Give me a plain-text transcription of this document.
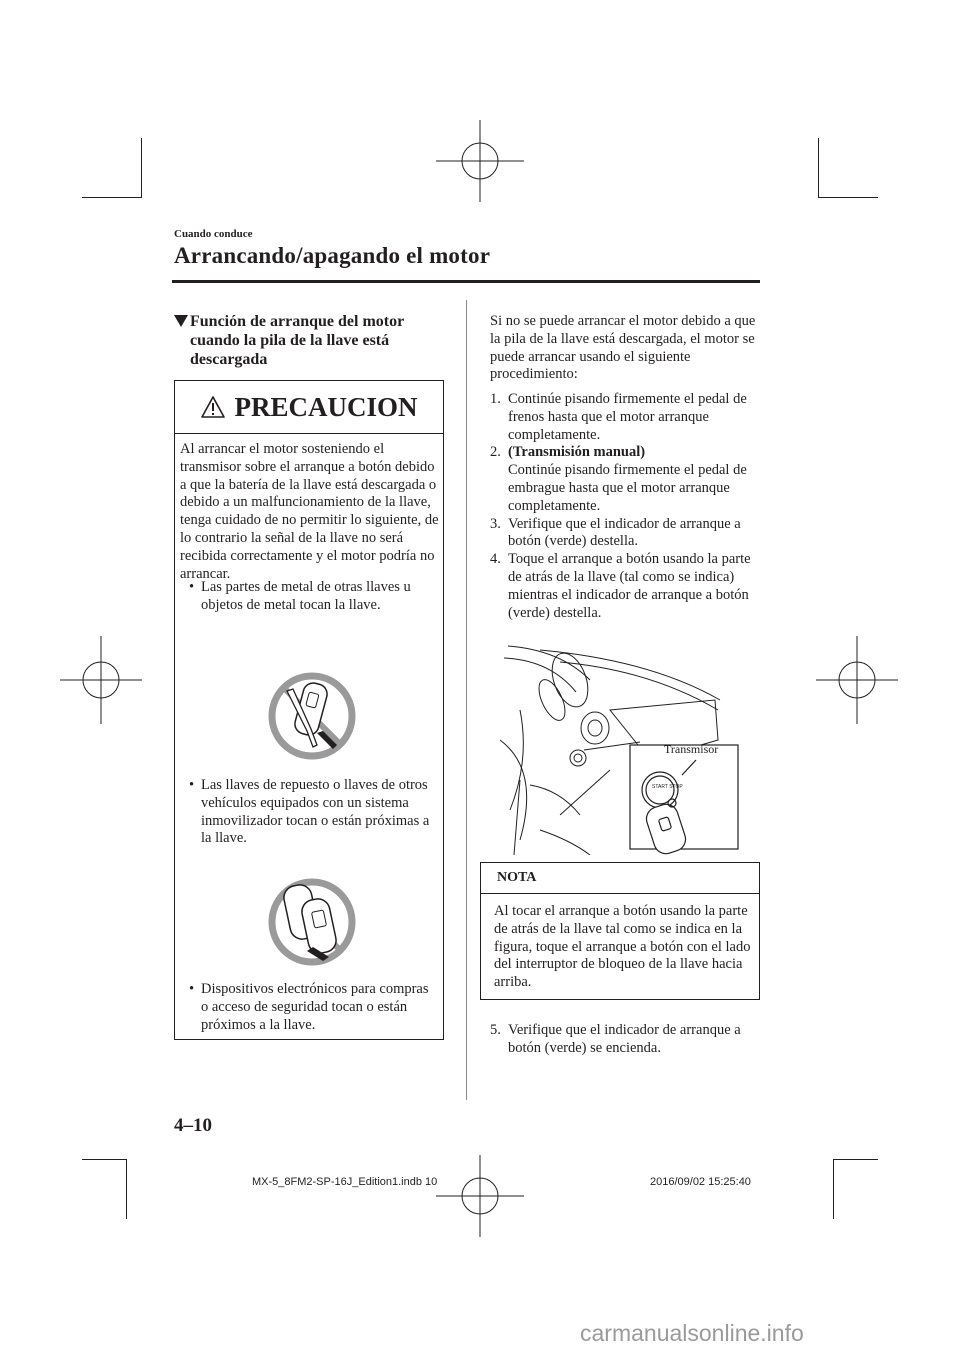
Cuando conduce
Arrancando/apagando el motor
Función de arranque del motor cuando la pila de la llave está descargada
PRECAUCION
Al arrancar el motor sosteniendo el transmisor sobre el arranque a botón debido a que la batería de la llave está descargada o debido a un malfuncionamiento de la llave, tenga cuidado de no permitir lo siguiente, de lo contrario la señal de la llave no será recibida correctamente y el motor podría no arrancar.
• Las partes de metal de otras llaves u objetos de metal tocan la llave.
• Las llaves de repuesto o llaves de otros vehículos equipados con un sistema inmovilizador tocan o están próximas a la llave.
• Dispositivos electrónicos para compras o acceso de seguridad tocan o están próximos a la llave.
Si no se puede arrancar el motor debido a que la pila de la llave está descargada, el motor se puede arrancar usando el siguiente procedimiento:
1. Continúe pisando firmemente el pedal de frenos hasta que el motor arranque completamente.
2. (Transmisión manual)
Continúe pisando firmemente el pedal de embrague hasta que el motor arranque completamente.
3. Verifique que el indicador de arranque a botón (verde) destella.
4. Toque el arranque a botón usando la parte de atrás de la llave (tal como se indica) mientras el indicador de arranque a botón (verde) destella.
START STOP
Transmisor
NOTA
Al tocar el arranque a botón usando la parte de atrás de la llave tal como se indica en la figura, toque el arranque a botón con el lado del interruptor de bloqueo de la llave hacia arriba.
5. Verifique que el indicador de arranque a botón (verde) se encienda.
4–10
MX-5_8FM2-SP-16J_Edition1.indb 10	2016/09/02 15:25:40
carmanualsonline.info
